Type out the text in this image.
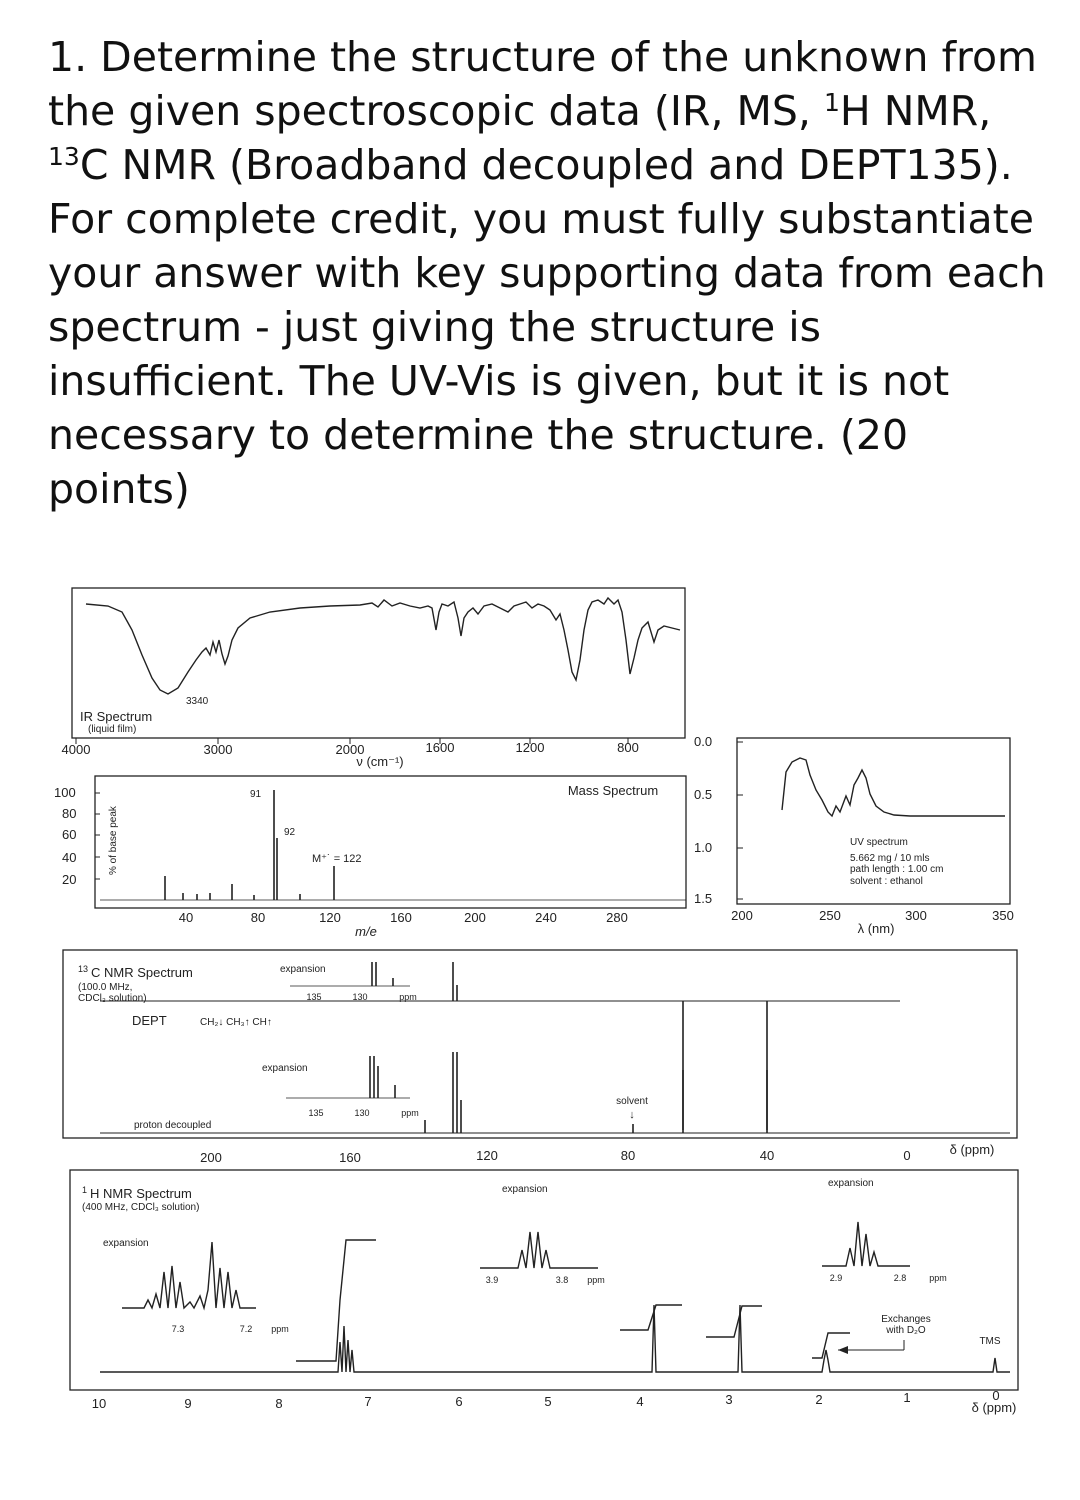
1. Determine the structure of the unknown from the given spectroscopic data (IR, MS, $^1$H NMR, $^{13}$C NMR (Broadband decoupled and DEPT135). For complete credit, you must fully substantiate your answer with key supporting data from each spectrum - just giving the structure is insufficient. The UV-Vis is given, but it is not necessary to determine the structure. (20 points)

3340
IR Spectrum
(liquid film)
4000	3000	2000	1600	1200	800
ν (cm⁻¹)
Mass Spectrum
% of base peak
100
80
60
40
20
91
92
M⁺˙ = 122
40	80	120	160	200	240	280
m/e
0.0
0.5
1.0
1.5
UV spectrum
5.662 mg / 10 mls
path length : 1.00 cm
solvent : ethanol
200	250	300	350
λ (nm)
$^{13}$ C NMR Spectrum
(100.0 MHz,
CDCl₃ solution)
DEPT	CH₂↓ CH₃↑ CH↑
expansion
135	130	ppm
solvent
↓
expansion
135	130	ppm
proton decoupled
200	160	120	80	40	0	δ (ppm)
$^1$ H NMR Spectrum
(400 MHz, CDCl₃ solution)
expansion
7.3	7.2 ppm
expansion
3.9	3.8 ppm
expansion
2.9	2.8	ppm
Exchanges
with D₂O
TMS
10	9	8	7	6	5	4	3	2	1	0
δ (ppm)
